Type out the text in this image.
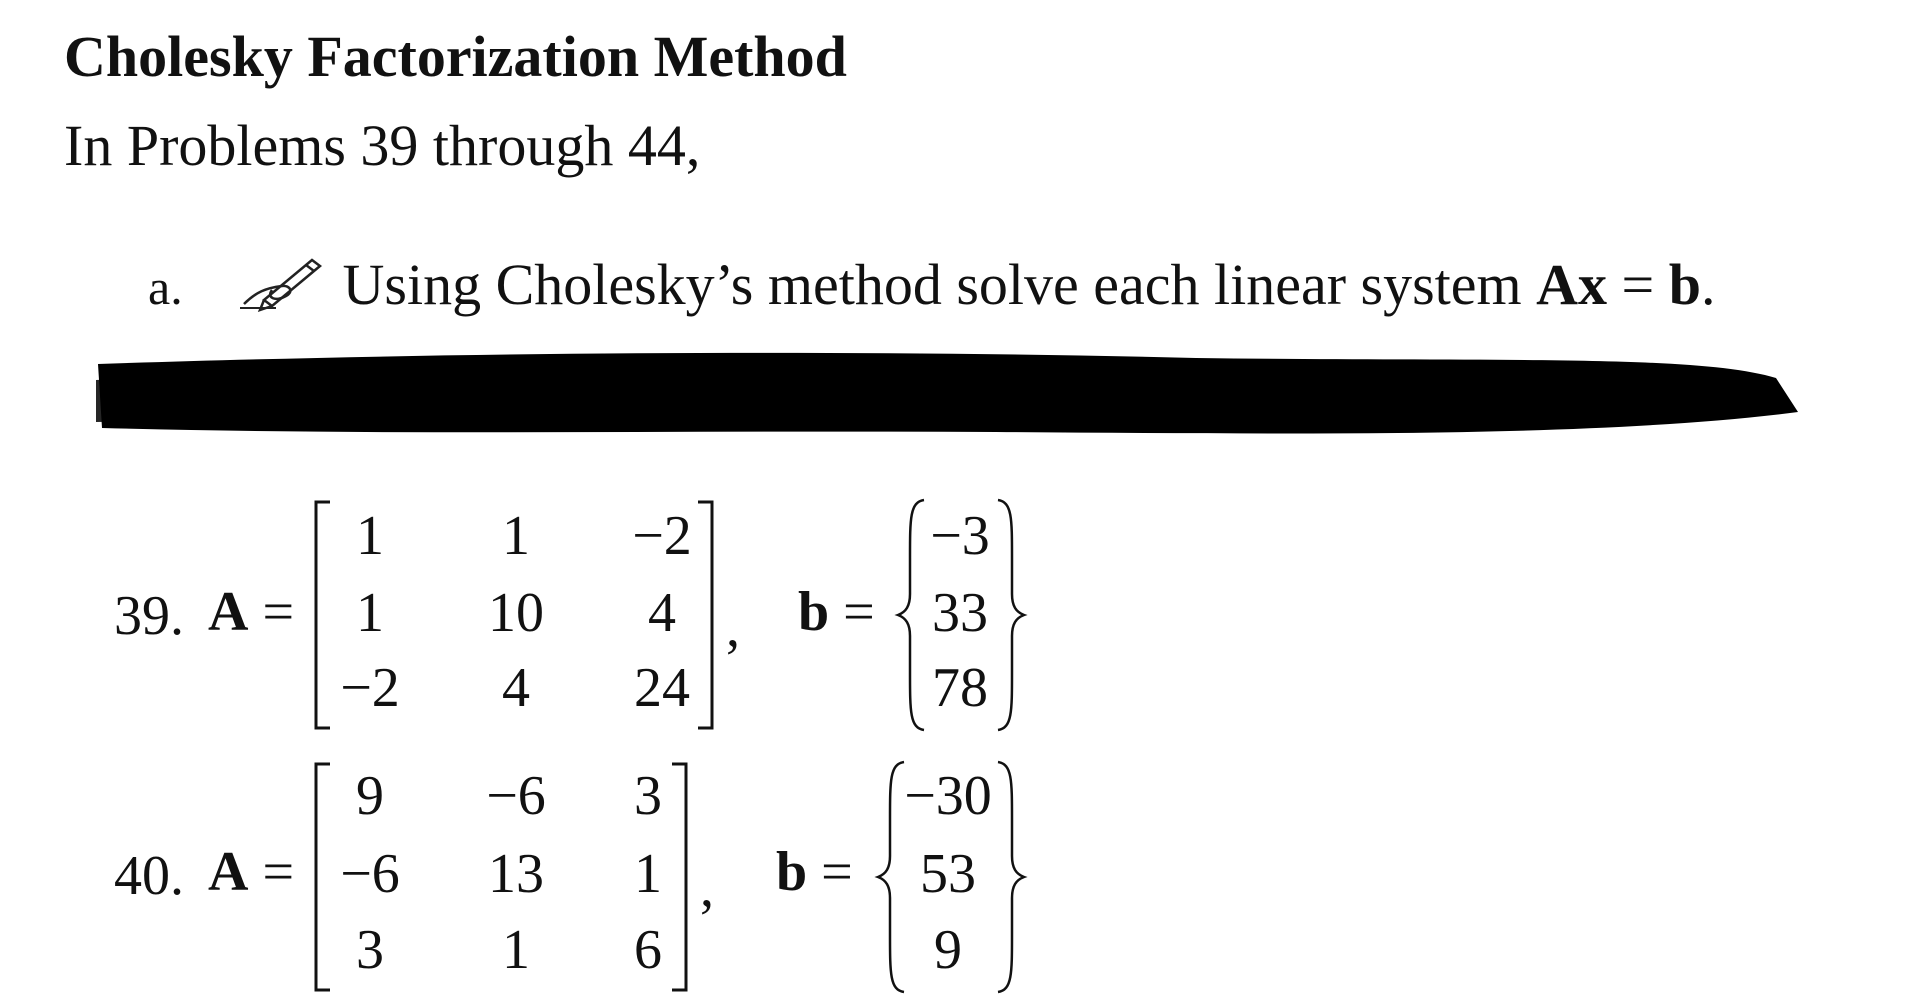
Cholesky Factorization Method
In Problems 39 through 44,
a.	Using Cholesky’s method solve each linear system Ax = b.
39. A =
1	1	−2
1	10	4
−2	4	24
, b =
−3
33
78
40. A =
9	−6	3
−6	13	1
3	1	6
, b =
−30
53
9
